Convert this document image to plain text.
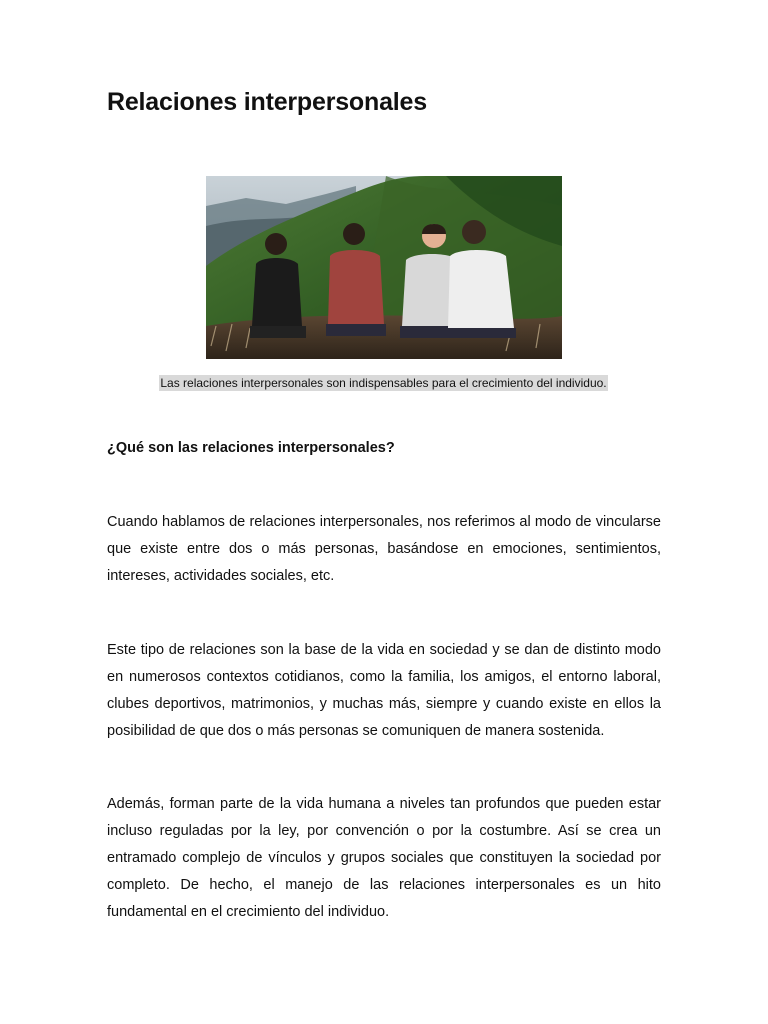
Relaciones interpersonales
Las relaciones interpersonales son indispensables para el crecimiento del individuo.
¿Qué son las relaciones interpersonales?

Cuando hablamos de relaciones interpersonales, nos referimos al modo de vincularse que existe entre dos o más personas, basándose en emociones, sentimientos, intereses, actividades sociales, etc.

Este tipo de relaciones son la base de la vida en sociedad y se dan de distinto modo en numerosos contextos cotidianos, como la familia, los amigos, el entorno laboral, clubes deportivos, matrimonios, y muchas más, siempre y cuando existe en ellos la posibilidad de que dos o más personas se comuniquen de manera sostenida.

Además, forman parte de la vida humana a niveles tan profundos que pueden estar incluso reguladas por la ley, por convención o por la costumbre. Así se crea un entramado complejo de vínculos y grupos sociales que constituyen la sociedad por completo. De hecho, el manejo de las relaciones interpersonales es un hito fundamental en el crecimiento del individuo.
